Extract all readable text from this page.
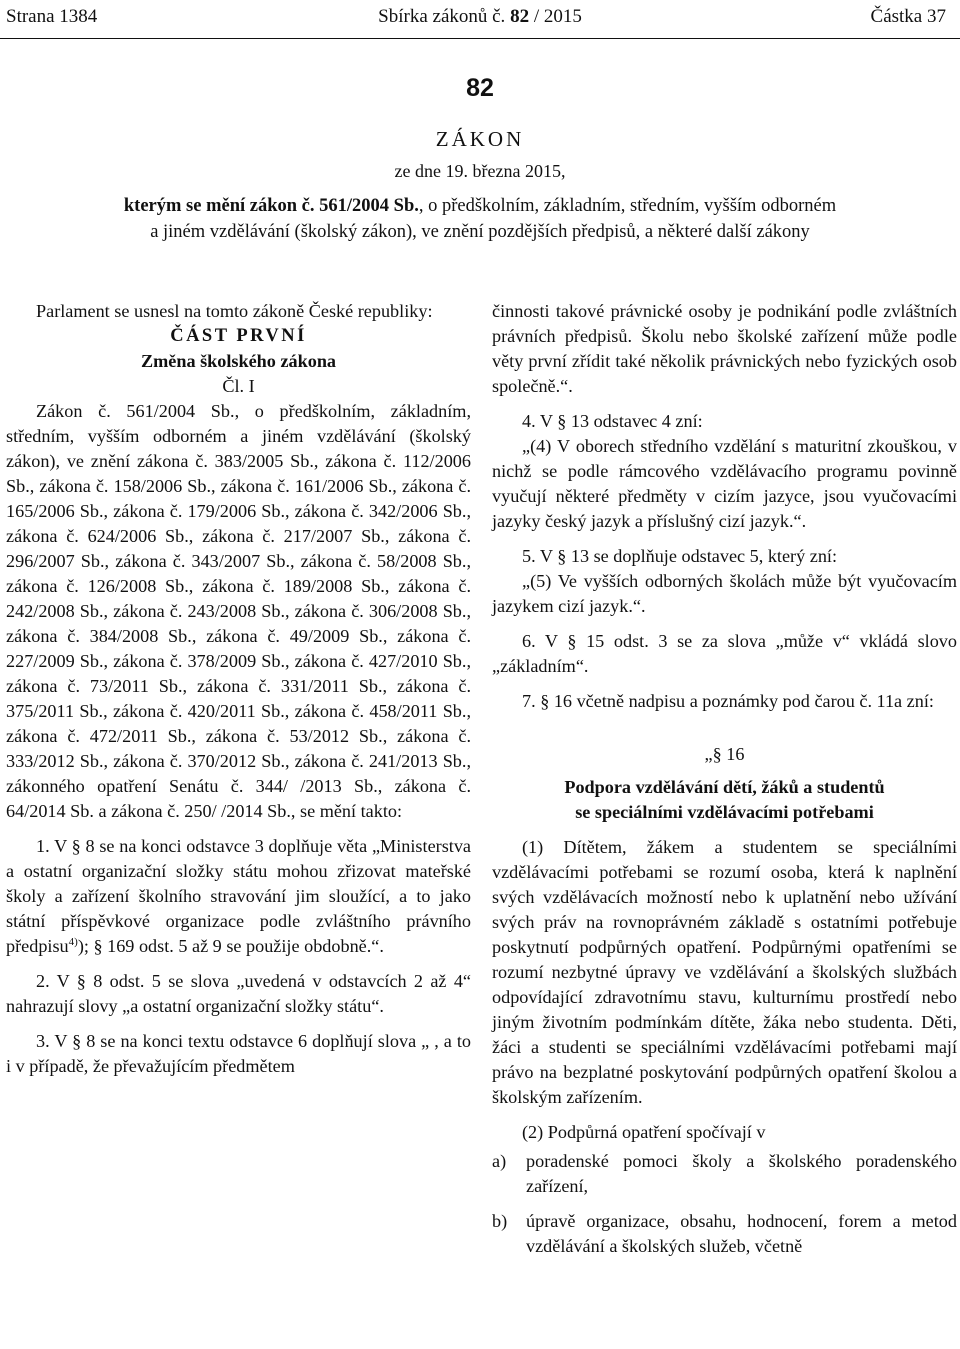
Strana 1384	Sbírka zákonů č. 82 / 2015	Částka 37
82
ZÁKON
ze dne 19. března 2015,
kterým se mění zákon č. 561/2004 Sb., o předškolním, základním, středním, vyšším odborném
a jiném vzdělávání (školský zákon), ve znění pozdějších předpisů, a některé další zákony

Parlament se usnesl na tomto zákoně České republiky:

ČÁST PRVNÍ

Změna školského zákona

Čl. I

Zákon č. 561/2004 Sb., o předškolním, základním, středním, vyšším odborném a jiném vzdělávání (školský zákon), ve znění zákona č. 383/2005 Sb., zákona č. 112/2006 Sb., zákona č. 158/2006 Sb., zákona č. 161/2006 Sb., zákona č. 165/2006 Sb., zákona č. 179/2006 Sb., zákona č. 342/2006 Sb., zákona č. 624/2006 Sb., zákona č. 217/2007 Sb., zákona č. 296/2007 Sb., zákona č. 343/2007 Sb., zákona č. 58/2008 Sb., zákona č. 126/2008 Sb., zákona č. 189/2008 Sb., zákona č. 242/2008 Sb., zákona č. 243/2008 Sb., zákona č. 306/2008 Sb., zákona č. 384/2008 Sb., zákona č. 49/2009 Sb., zákona č. 227/2009 Sb., zákona č. 378/2009 Sb., zákona č. 427/2010 Sb., zákona č. 73/2011 Sb., zákona č. 331/2011 Sb., zákona č. 375/2011 Sb., zákona č. 420/2011 Sb., zákona č. 458/2011 Sb., zákona č. 472/2011 Sb., zákona č. 53/2012 Sb., zákona č. 333/2012 Sb., zákona č. 370/2012 Sb., zákona č. 241/2013 Sb., zákonného opatření Senátu č. 344/ /2013 Sb., zákona č. 64/2014 Sb. a zákona č. 250/ /2014 Sb., se mění takto:

1. V § 8 se na konci odstavce 3 doplňuje věta „Ministerstva a ostatní organizační složky státu mohou zřizovat mateřské školy a zařízení školního stravování jim sloužící, a to jako státní příspěvkové organizace podle zvláštního právního předpisu$^{4)}$); § 169 odst. 5 až 9 se použije obdobně.“.

2. V § 8 odst. 5 se slova „uvedená v odstavcích 2 až 4“ nahrazují slovy „a ostatní organizační složky státu“.

3. V § 8 se na konci textu odstavce 6 doplňují slova „ , a to i v případě, že převažujícím předmětem

činnosti takové právnické osoby je podnikání podle zvláštních právních předpisů. Školu nebo školské zařízení může podle věty první zřídit také několik právnických nebo fyzických osob společně.“.

4. V § 13 odstavec 4 zní:

„(4) V oborech středního vzdělání s maturitní zkouškou, v nichž se podle rámcového vzdělávacího programu povinně vyučují některé předměty v cizím jazyce, jsou vyučovacími jazyky český jazyk a příslušný cizí jazyk.“.

5. V § 13 se doplňuje odstavec 5, který zní:

„(5) Ve vyšších odborných školách může být vyučovacím jazykem cizí jazyk.“.

6. V § 15 odst. 3 se za slova „může v“ vkládá slovo „základním“.

7. § 16 včetně nadpisu a poznámky pod čarou č. 11a zní:

„§ 16

Podpora vzdělávání dětí, žáků a studentů

se speciálními vzdělávacími potřebami

(1) Dítětem, žákem a studentem se speciálními vzdělávacími potřebami se rozumí osoba, která k naplnění svých vzdělávacích možností nebo k uplatnění nebo užívání svých práv na rovnoprávném základě s ostatními potřebuje poskytnutí podpůrných opatření. Podpůrnými opatřeními se rozumí nezbytné úpravy ve vzdělávání a školských službách odpovídající zdravotnímu stavu, kulturnímu prostředí nebo jiným životním podmínkám dítěte, žáka nebo studenta. Děti, žáci a studenti se speciálními vzdělávacími potřebami mají právo na bezplatné poskytování podpůrných opatření školou a školským zařízením.

(2) Podpůrná opatření spočívají v

a)	poradenské pomoci školy a školského poradenského zařízení,
b)	úpravě organizace, obsahu, hodnocení, forem a metod vzdělávání a školských služeb, včetně
